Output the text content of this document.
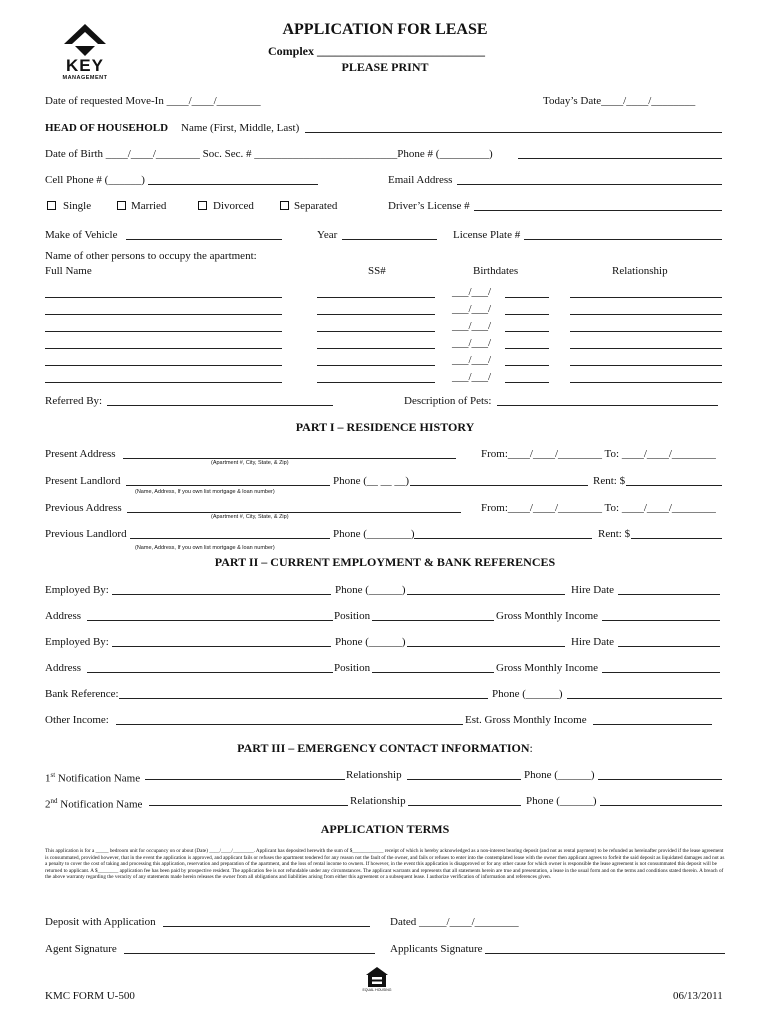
KEY
MANAGEMENT
APPLICATION FOR LEASE
Complex ____________________________
PLEASE PRINT
Date of requested Move-In ____/____/________	Today’s Date____/____/________
HEAD OF HOUSEHOLD Name (First, Middle, Last)
Date of Birth ____/____/________ Soc. Sec. # __________________________Phone # (_________)
Cell Phone # (______)	Email Address
Single	Married	Divorced	Separated	Driver’s License #
Make of Vehicle	Year	License Plate #
Name of other persons to occupy the apartment:
Full Name	SS#	Birthdates	Relationship
___/___/
___/___/
___/___/
___/___/
___/___/
___/___/
Referred By:	Description of Pets:
PART I – RESIDENCE HISTORY
Present Address	From:____/____/________ To: ____/____/________
(Apartment #, City, State, & Zip)
Present Landlord	Phone (__ __ __)	Rent: $
(Name, Address, If you own list mortgage & loan number)
Previous Address	From:____/____/________ To: ____/____/________
(Apartment #, City, State, & Zip)
Previous Landlord	Phone (________)	Rent: $
(Name, Address, If you own list mortgage & loan number)
PART II – CURRENT EMPLOYMENT & BANK REFERENCES
Employed By:	Phone (______)	Hire Date
Address	Position	Gross Monthly Income
Employed By:	Phone (______)	Hire Date
Address	Position	Gross Monthly Income
Bank Reference:	Phone (______)
Other Income:	Est. Gross Monthly Income
PART III – EMERGENCY CONTACT INFORMATION:
1st Notification Name	Relationship	Phone (______)
2nd Notification Name	Relationship	Phone (______)
APPLICATION TERMS
This application is for a _____ bedroom unit for occupancy on or about (Date) ____/____/________. Applicant has deposited herewith the sum of $____________ receipt of which is hereby acknowledged as a non-interest bearing deposit (and not as rental payment) to be refunded as hereinafter provided if the lease agreement is consummated, provided however, that in the event the application is approved, and applicant fails or refuses the apartment tendered for any reason not the fault of the owner, and fails or refuses to enter into the contemplated lease with the owner then applicant agrees to forfeit the said deposit as liquidated damages and not as a penalty to cover the cost of taking and processing this application, reservation and preparation of the apartment, and the loss of rental income to owners. If however, in the event this application is disapproved or for any other cause for which owner is responsible the lease agreement is not consummated this deposit will be returned to applicant. A $________ application fee has been paid by prospective resident. The application fee is not refundable under any circumstances. The applicant warrants and represents that all statements herein are true and presentation, a lease in the usual form and on the terms and conditions stated therein. A breach of the above warranty regarding the veracity of any statements made herein releases the owner from all obligations and liabilities arising from either this agreement or a subsequent lease. I authorize verification of information and references given.
Deposit with Application	Dated _____/____/________
Agent Signature	Applicants Signature
EQUAL HOUSING
KMC FORM U-500	06/13/2011
